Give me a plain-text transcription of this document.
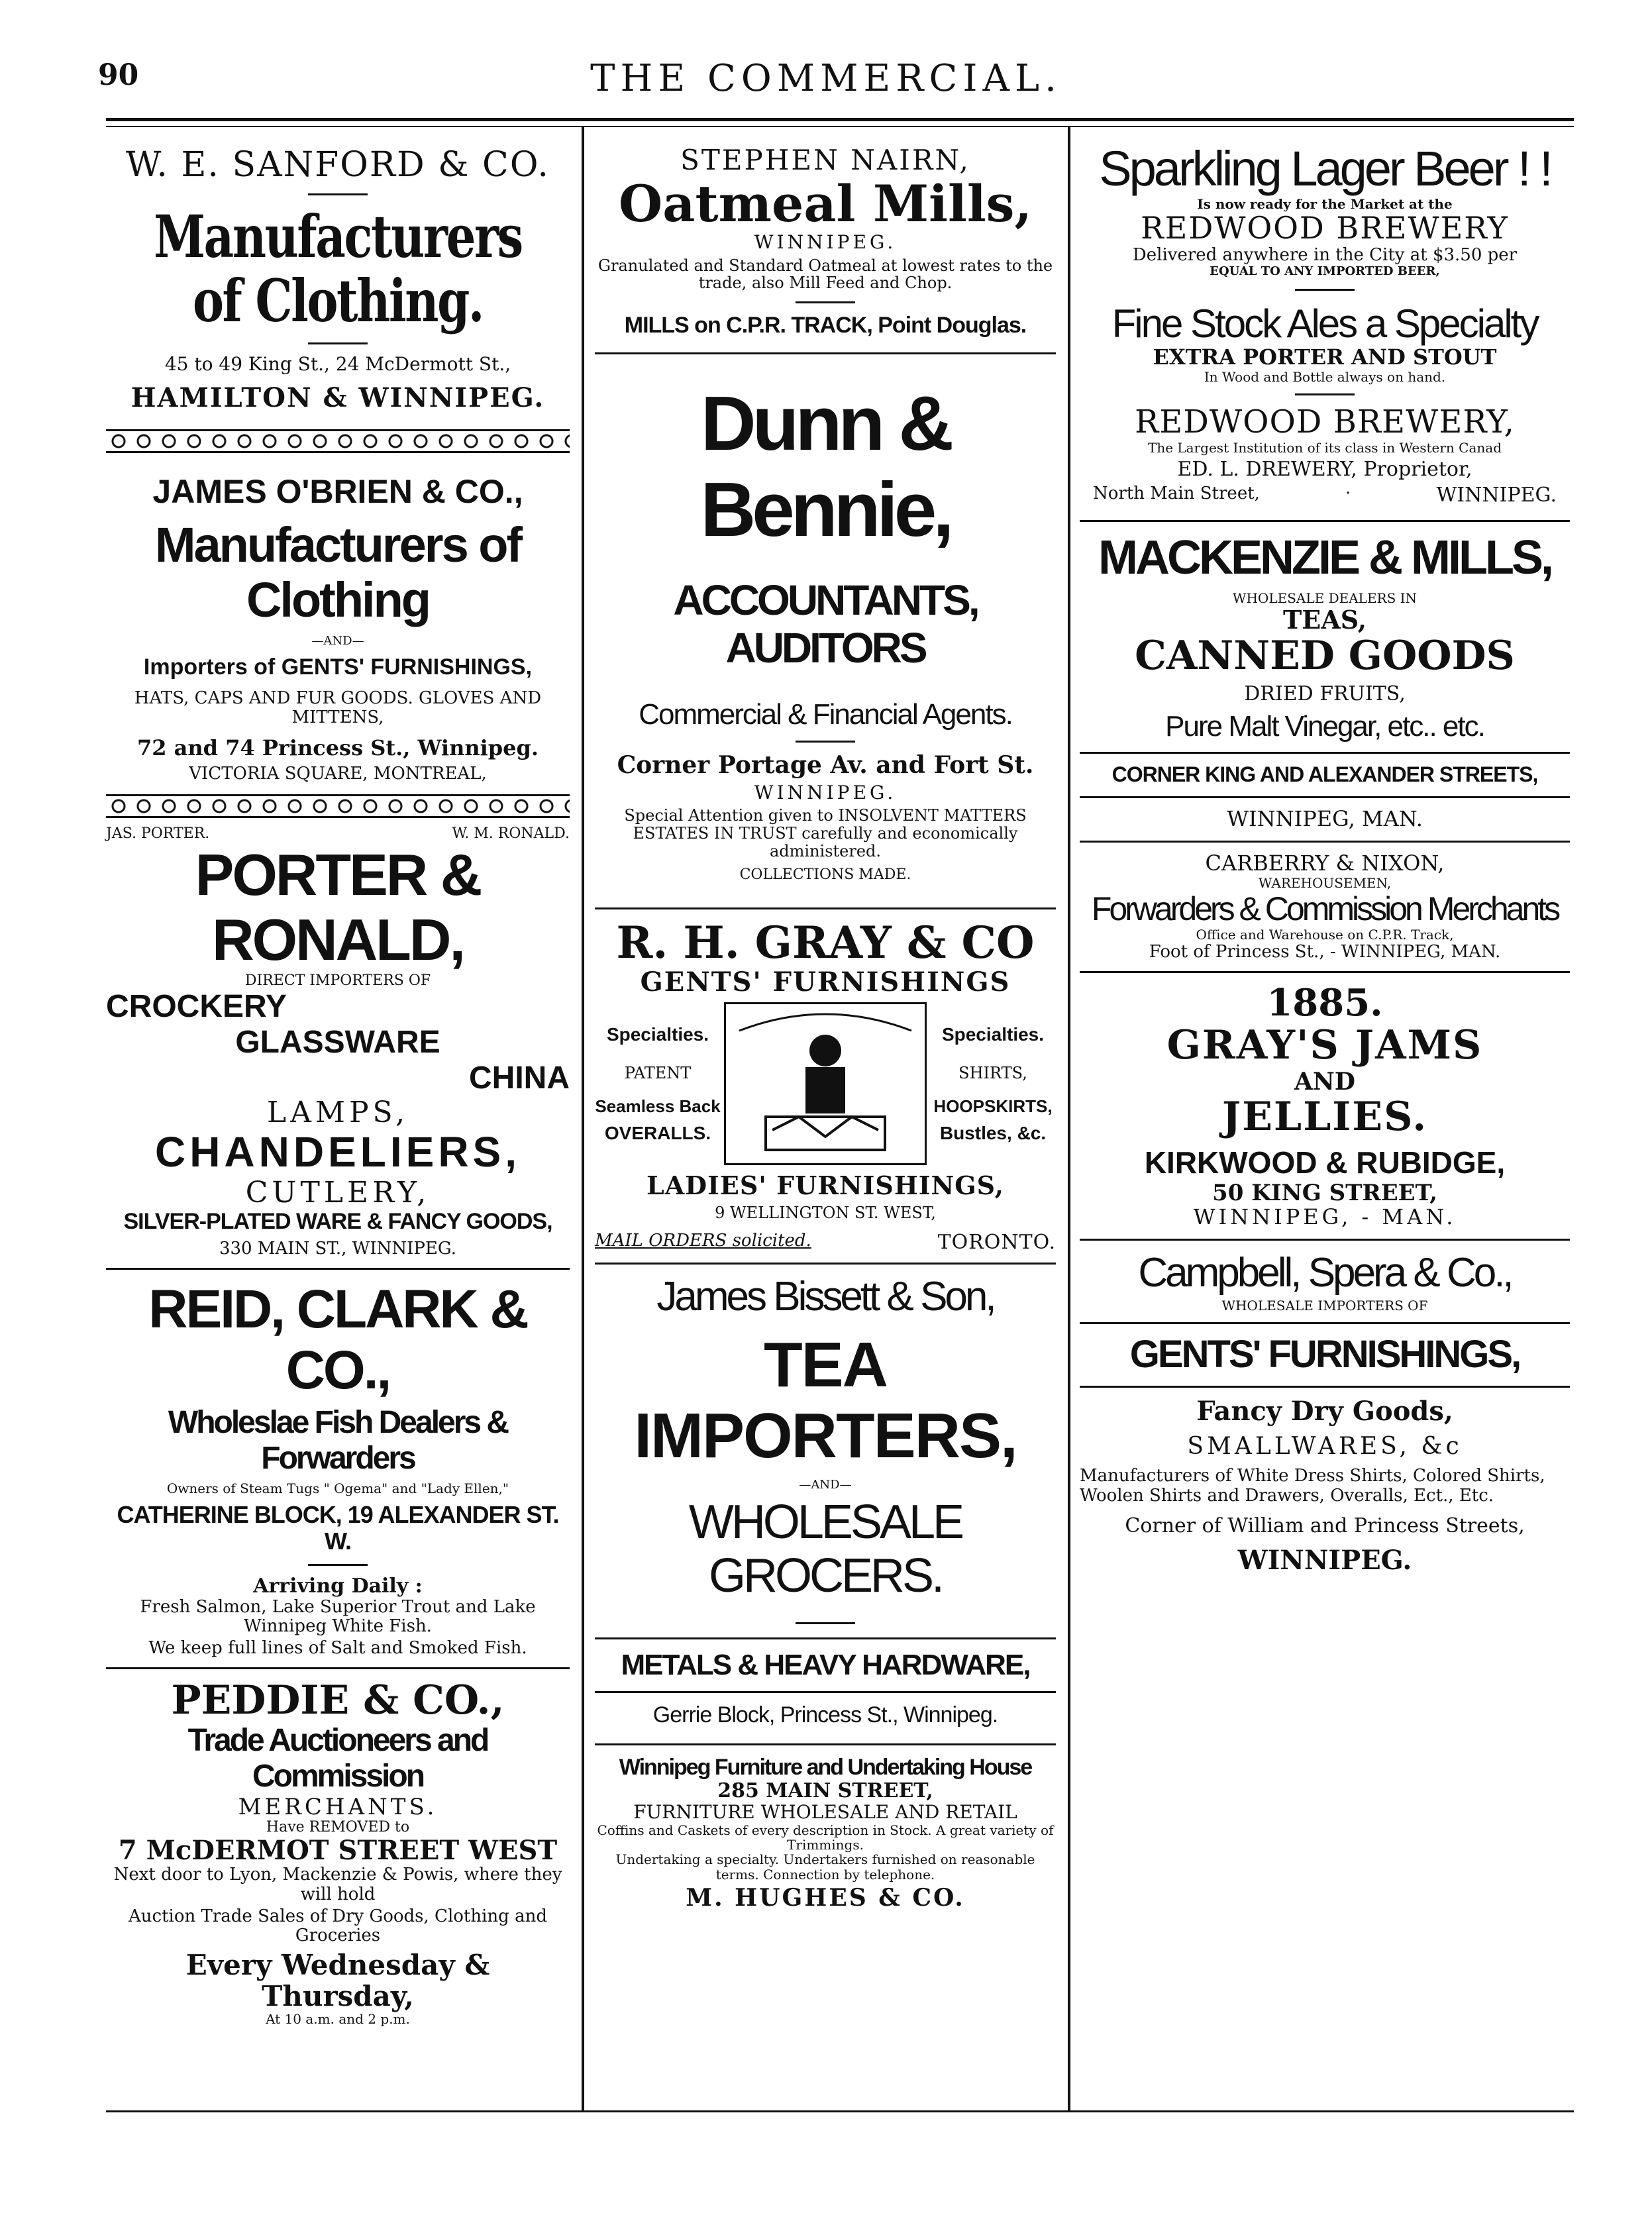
90	THE COMMERCIAL.
W. E. SANFORD & CO.
Manufacturers of Clothing.
45 to 49 King St., 24 McDermott St.,
HAMILTON & WINNIPEG.
JAMES O'BRIEN & CO.,
Manufacturers of Clothing
—AND—
Importers of GENTS' FURNISHINGS,
HATS, CAPS AND FUR GOODS. GLOVES AND MITTENS,
72 and 74 Princess St., Winnipeg.
VICTORIA SQUARE, MONTREAL,
JAS. PORTER.	W. M. RONALD.
PORTER & RONALD,
DIRECT IMPORTERS OF
CROCKERY
GLASSWARE
CHINA
LAMPS,
CHANDELIERS,
CUTLERY,
SILVER-PLATED WARE & FANCY GOODS,
330 MAIN ST., WINNIPEG.
REID, CLARK & CO.,
Wholeslae Fish Dealers & Forwarders
Owners of Steam Tugs " Ogema" and "Lady Ellen,"
CATHERINE BLOCK, 19 ALEXANDER ST. W.
Arriving Daily :
Fresh Salmon, Lake Superior Trout and Lake Winnipeg White Fish.
We keep full lines of Salt and Smoked Fish.
PEDDIE & CO.,
Trade Auctioneers and Commission
MERCHANTS.
Have REMOVED to
7 McDERMOT STREET WEST
Next door to Lyon, Mackenzie & Powis, where they will hold
Auction Trade Sales of Dry Goods, Clothing and Groceries
Every Wednesday & Thursday,
At 10 a.m. and 2 p.m.
STEPHEN NAIRN,
Oatmeal Mills,
WINNIPEG.
Granulated and Standard Oatmeal at lowest rates to the trade, also Mill Feed and Chop.
MILLS on C.P.R. TRACK, Point Douglas.
Dunn & Bennie,
ACCOUNTANTS, AUDITORS
Commercial & Financial Agents.
Corner Portage Av. and Fort St.
WINNIPEG.
Special Attention given to INSOLVENT MATTERS
ESTATES IN TRUST carefully and economically administered.
COLLECTIONS MADE.
R. H. GRAY & CO
GENTS' FURNISHINGS
Specialties.
PATENT
Seamless Back
OVERALLS.
Specialties.
SHIRTS,
HOOPSKIRTS,
Bustles, &c.
LADIES' FURNISHINGS,
9 WELLINGTON ST. WEST,
MAIL ORDERS solicited.	TORONTO.
James Bissett & Son,
TEA IMPORTERS,
—AND—
WHOLESALE GROCERS.
METALS & HEAVY HARDWARE,
Gerrie Block, Princess St., Winnipeg.
Winnipeg Furniture and Undertaking House
285 MAIN STREET,
FURNITURE WHOLESALE AND RETAIL
Coffins and Caskets of every description in Stock. A great variety of Trimmings.
Undertaking a specialty. Undertakers furnished on reasonable terms. Connection by telephone.
M. HUGHES & CO.
Sparkling Lager Beer ! !
Is now ready for the Market at the
REDWOOD BREWERY
Delivered anywhere in the City at $3.50 per
EQUAL TO ANY IMPORTED BEER,
Fine Stock Ales a Specialty
EXTRA PORTER AND STOUT
In Wood and Bottle always on hand.
REDWOOD BREWERY,
The Largest Institution of its class in Western Canad
ED. L. DREWERY, Proprietor,
North Main Street,	·	WINNIPEG.
MACKENZIE & MILLS,
WHOLESALE DEALERS IN
TEAS,
CANNED GOODS
DRIED FRUITS,
Pure Malt Vinegar, etc.. etc.
CORNER KING AND ALEXANDER STREETS,
WINNIPEG, MAN.
CARBERRY & NIXON,
WAREHOUSEMEN,
Forwarders & Commission Merchants
Office and Warehouse on C.P.R. Track,
Foot of Princess St., - WINNIPEG, MAN.
1885.
GRAY'S JAMS
AND
JELLIES.
KIRKWOOD & RUBIDGE,
50 KING STREET,
WINNIPEG, - MAN.
Campbell, Spera & Co.,
WHOLESALE IMPORTERS OF
GENTS' FURNISHINGS,
Fancy Dry Goods,
SMALLWARES, &c
Manufacturers of White Dress Shirts, Colored Shirts, Woolen Shirts and Drawers, Overalls, Ect., Etc.
Corner of William and Princess Streets,
WINNIPEG.
